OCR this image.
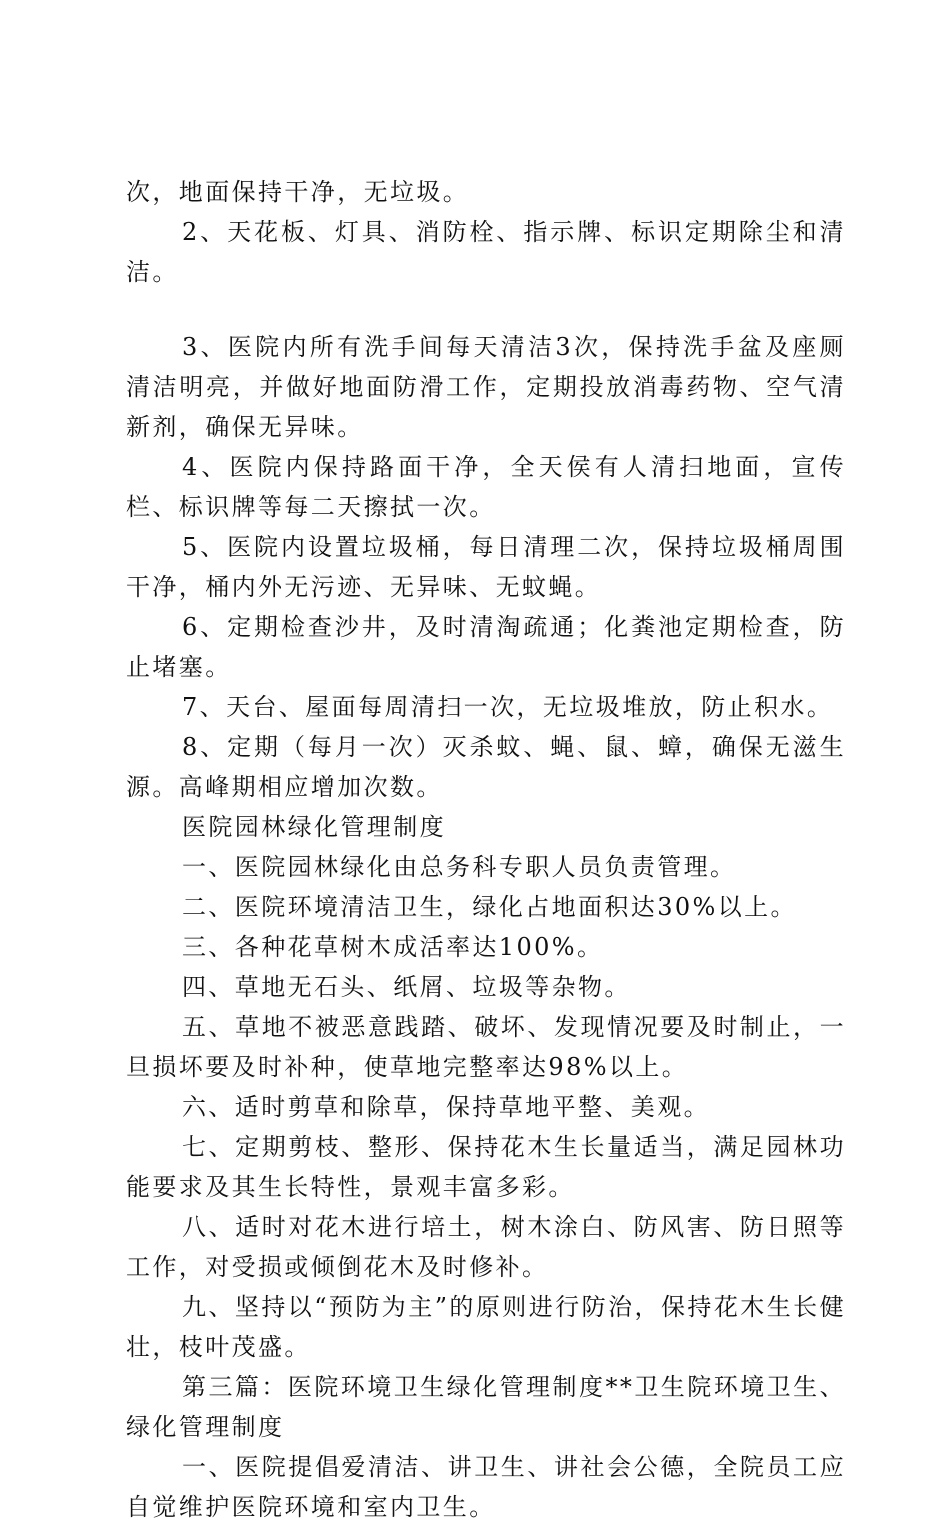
次，地面保持干净，无垃圾。

2、天花板、灯具、消防栓、指示牌、标识定期除尘和清洁。

3、医院内所有洗手间每天清洁3次，保持洗手盆及座厕清洁明亮，并做好地面防滑工作，定期投放消毒药物、空气清新剂，确保无异味。

4、医院内保持路面干净，全天侯有人清扫地面，宣传栏、标识牌等每二天擦拭一次。

5、医院内设置垃圾桶，每日清理二次，保持垃圾桶周围干净，桶内外无污迹、无异味、无蚊蝇。

6、定期检查沙井，及时清淘疏通；化粪池定期检查，防止堵塞。

7、天台、屋面每周清扫一次，无垃圾堆放，防止积水。

8、定期（每月一次）灭杀蚊、蝇、鼠、蟑，确保无滋生源。高峰期相应增加次数。

医院园林绿化管理制度

一、医院园林绿化由总务科专职人员负责管理。

二、医院环境清洁卫生，绿化占地面积达30%以上。

三、各种花草树木成活率达100%。

四、草地无石头、纸屑、垃圾等杂物。

五、草地不被恶意践踏、破坏、发现情况要及时制止，一旦损坏要及时补种，使草地完整率达98%以上。

六、适时剪草和除草，保持草地平整、美观。

七、定期剪枝、整形、保持花木生长量适当，满足园林功能要求及其生长特性，景观丰富多彩。

八、适时对花木进行培土，树木涂白、防风害、防日照等工作，对受损或倾倒花木及时修补。

九、坚持以“预防为主”的原则进行防治，保持花木生长健壮，枝叶茂盛。

第三篇：医院环境卫生绿化管理制度**卫生院环境卫生、绿化管理制度

一、医院提倡爱清洁、讲卫生、讲社会公德，全院员工应自觉维护医院环境和室内卫生。
